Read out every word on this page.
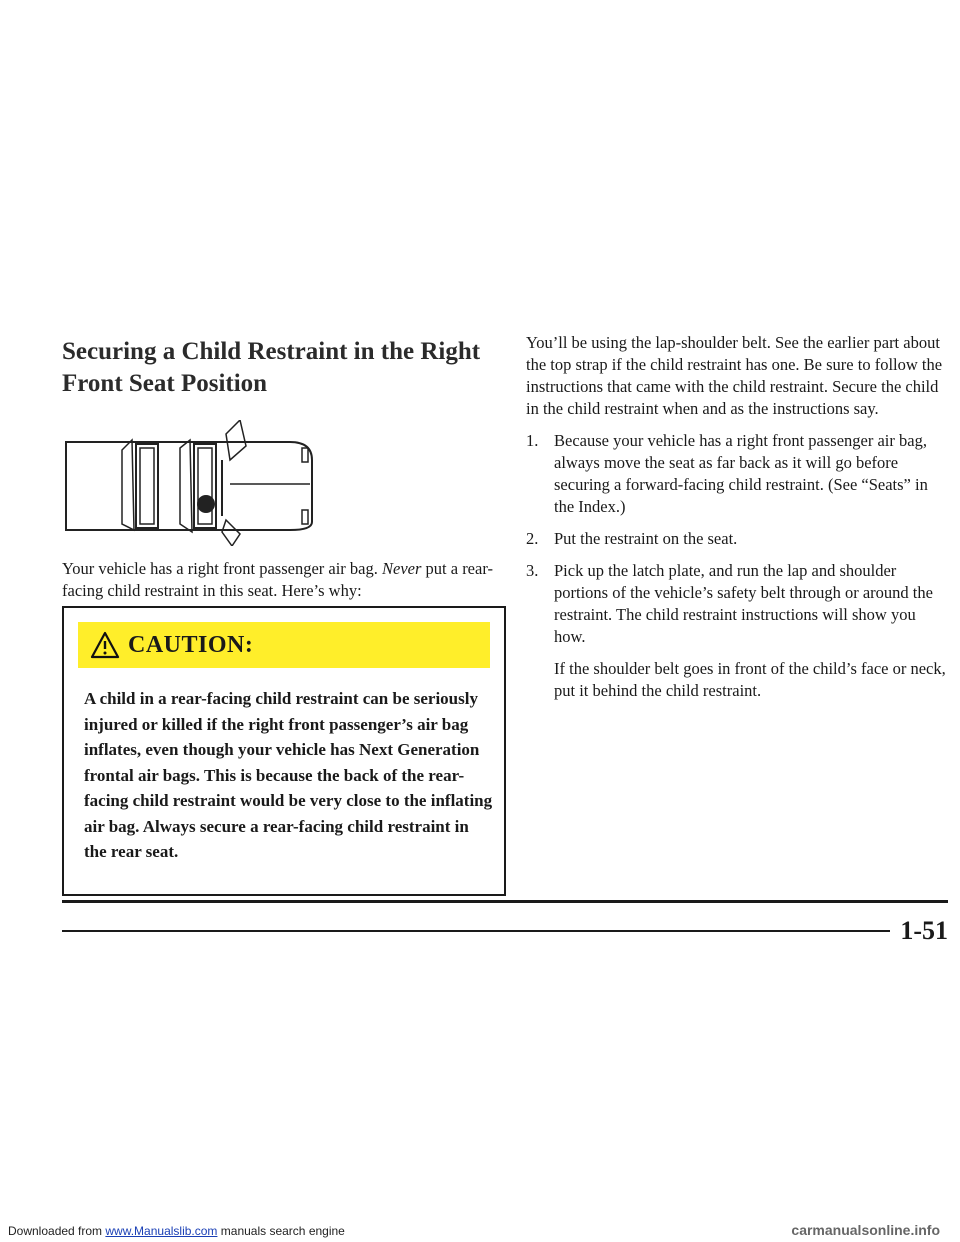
Securing a Child Restraint in the Right Front Seat Position

Your vehicle has a right front passenger air bag. Never put a rear-facing child restraint in this seat. Here’s why:

CAUTION:

A child in a rear-facing child restraint can be seriously injured or killed if the right front passenger’s air bag inflates, even though your vehicle has Next Generation frontal air bags. This is because the back of the rear-facing child restraint would be very close to the inflating air bag. Always secure a rear-facing child restraint in the rear seat.

You’ll be using the lap-shoulder belt. See the earlier part about the top strap if the child restraint has one. Be sure to follow the instructions that came with the child restraint. Secure the child in the child restraint when and as the instructions say.

1. Because your vehicle has a right front passenger air bag, always move the seat as far back as it will go before securing a forward-facing child restraint. (See “Seats” in the Index.)
2. Put the restraint on the seat.
3. Pick up the latch plate, and run the lap and shoulder portions of the vehicle’s safety belt through or around the restraint. The child restraint instructions will show you how.

If the shoulder belt goes in front of the child’s face or neck, put it behind the child restraint.

1-51
Downloaded from www.Manualslib.com manuals search engine	carmanualsonline.info
